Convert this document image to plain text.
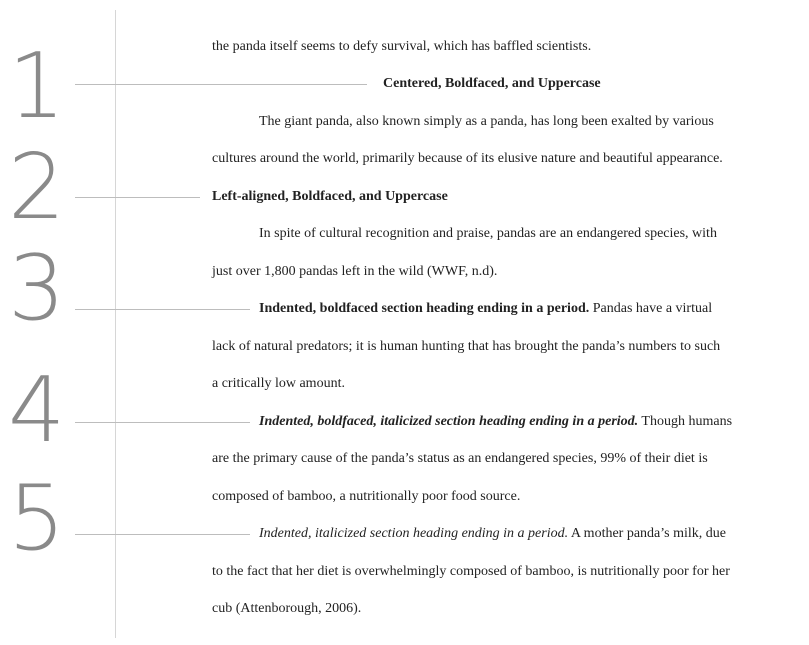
1
2
3
4
5
the panda itself seems to defy survival, which has baffled scientists.
Centered, Boldfaced, and Uppercase
The giant panda, also known simply as a panda, has long been exalted by various
cultures around the world, primarily because of its elusive nature and beautiful appearance.
Left-aligned, Boldfaced, and Uppercase
In spite of cultural recognition and praise, pandas are an endangered species, with
just over 1,800 pandas left in the wild (WWF, n.d).
Indented, boldfaced section heading ending in a period. Pandas have a virtual
lack of natural predators; it is human hunting that has brought the panda’s numbers to such
a critically low amount.
Indented, boldfaced, italicized section heading ending in a period. Though humans
are the primary cause of the panda’s status as an endangered species, 99% of their diet is
composed of bamboo, a nutritionally poor food source.
Indented, italicized section heading ending in a period. A mother panda’s milk, due
to the fact that her diet is overwhelmingly composed of bamboo, is nutritionally poor for her
cub (Attenborough, 2006).
